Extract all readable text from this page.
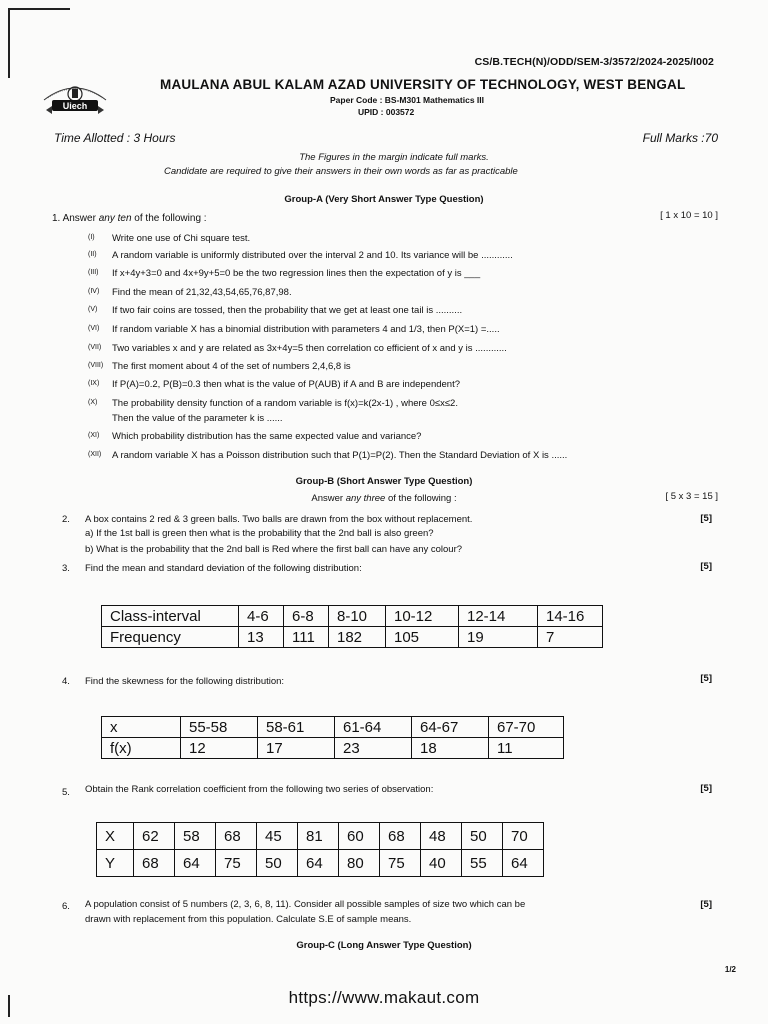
CS/B.TECH(N)/ODD/SEM-3/3572/2024-2025/I002
Uiech
MAULANA ABUL KALAM AZAD UNIVERSITY OF TECHNOLOGY, WEST BENGAL
Paper Code : BS-M301 Mathematics III
UPID : 003572
Time Allotted : 3 Hours	Full Marks :70
The Figures in the margin indicate full marks.
Candidate are required to give their answers in their own words as far as practicable
Group-A (Very Short Answer Type Question)
1. Answer any ten of the following :	[ 1 x 10 = 10 ]
(I) Write one use of Chi square test.
(II) A random variable is uniformly distributed over the interval 2 and 10. Its variance will be ............
(III) If x+4y+3=0 and 4x+9y+5=0 be the two regression lines then the expectation of y is ___
(IV) Find the mean of 21,32,43,54,65,76,87,98.
(V) If two fair coins are tossed, then the probability that we get at least one tail is ..........
(VI) If random variable X has a binomial distribution with parameters 4 and 1/3, then P(X=1) =.....
(VII) Two variables x and y are related as 3x+4y=5 then correlation co efficient of x and y is ............
(VIII) The first moment about 4 of the set of numbers 2,4,6,8 is
(IX) If P(A)=0.2, P(B)=0.3 then what is the value of P(AUB) if A and B are independent?
(X) The probability density function of a random variable is f(x)=k(2x-1) , where 0≤x≤2.
Then the value of the parameter k is ......
(XI) Which probability distribution has the same expected value and variance?
(XII) A random variable X has a Poisson distribution such that P(1)=P(2). Then the Standard Deviation of X is ......
Group-B (Short Answer Type Question)
Answer any three of the following :	[ 5 x 3 = 15 ]
2. A box contains 2 red & 3 green balls. Two balls are drawn from the box without replacement.
a) If the 1st ball is green then what is the probability that the 2nd ball is also green?
b) What is the probability that the 2nd ball is Red where the first ball can have any colour?
[5]
3. Find the mean and standard deviation of the following distribution:	[5]
Class-interval	4-6	6-8	8-10	10-12	12-14	14-16
Frequency	13	111	182	105	19	7
4. Find the skewness for the following distribution:	[5]
x	55-58	58-61	61-64	64-67	67-70
f(x)	12	17	23	18	11
5. Obtain the Rank correlation coefficient from the following two series of observation:	[5]
X	62	58	68	45	81	60	68	48	50	70
Y	68	64	75	50	64	80	75	40	55	64
6. A population consist of 5 numbers (2, 3, 6, 8, 11). Consider all possible samples of size two which can be
drawn with replacement from this population. Calculate S.E of sample means.
[5]
Group-C (Long Answer Type Question)
1/2
https://www.makaut.com
